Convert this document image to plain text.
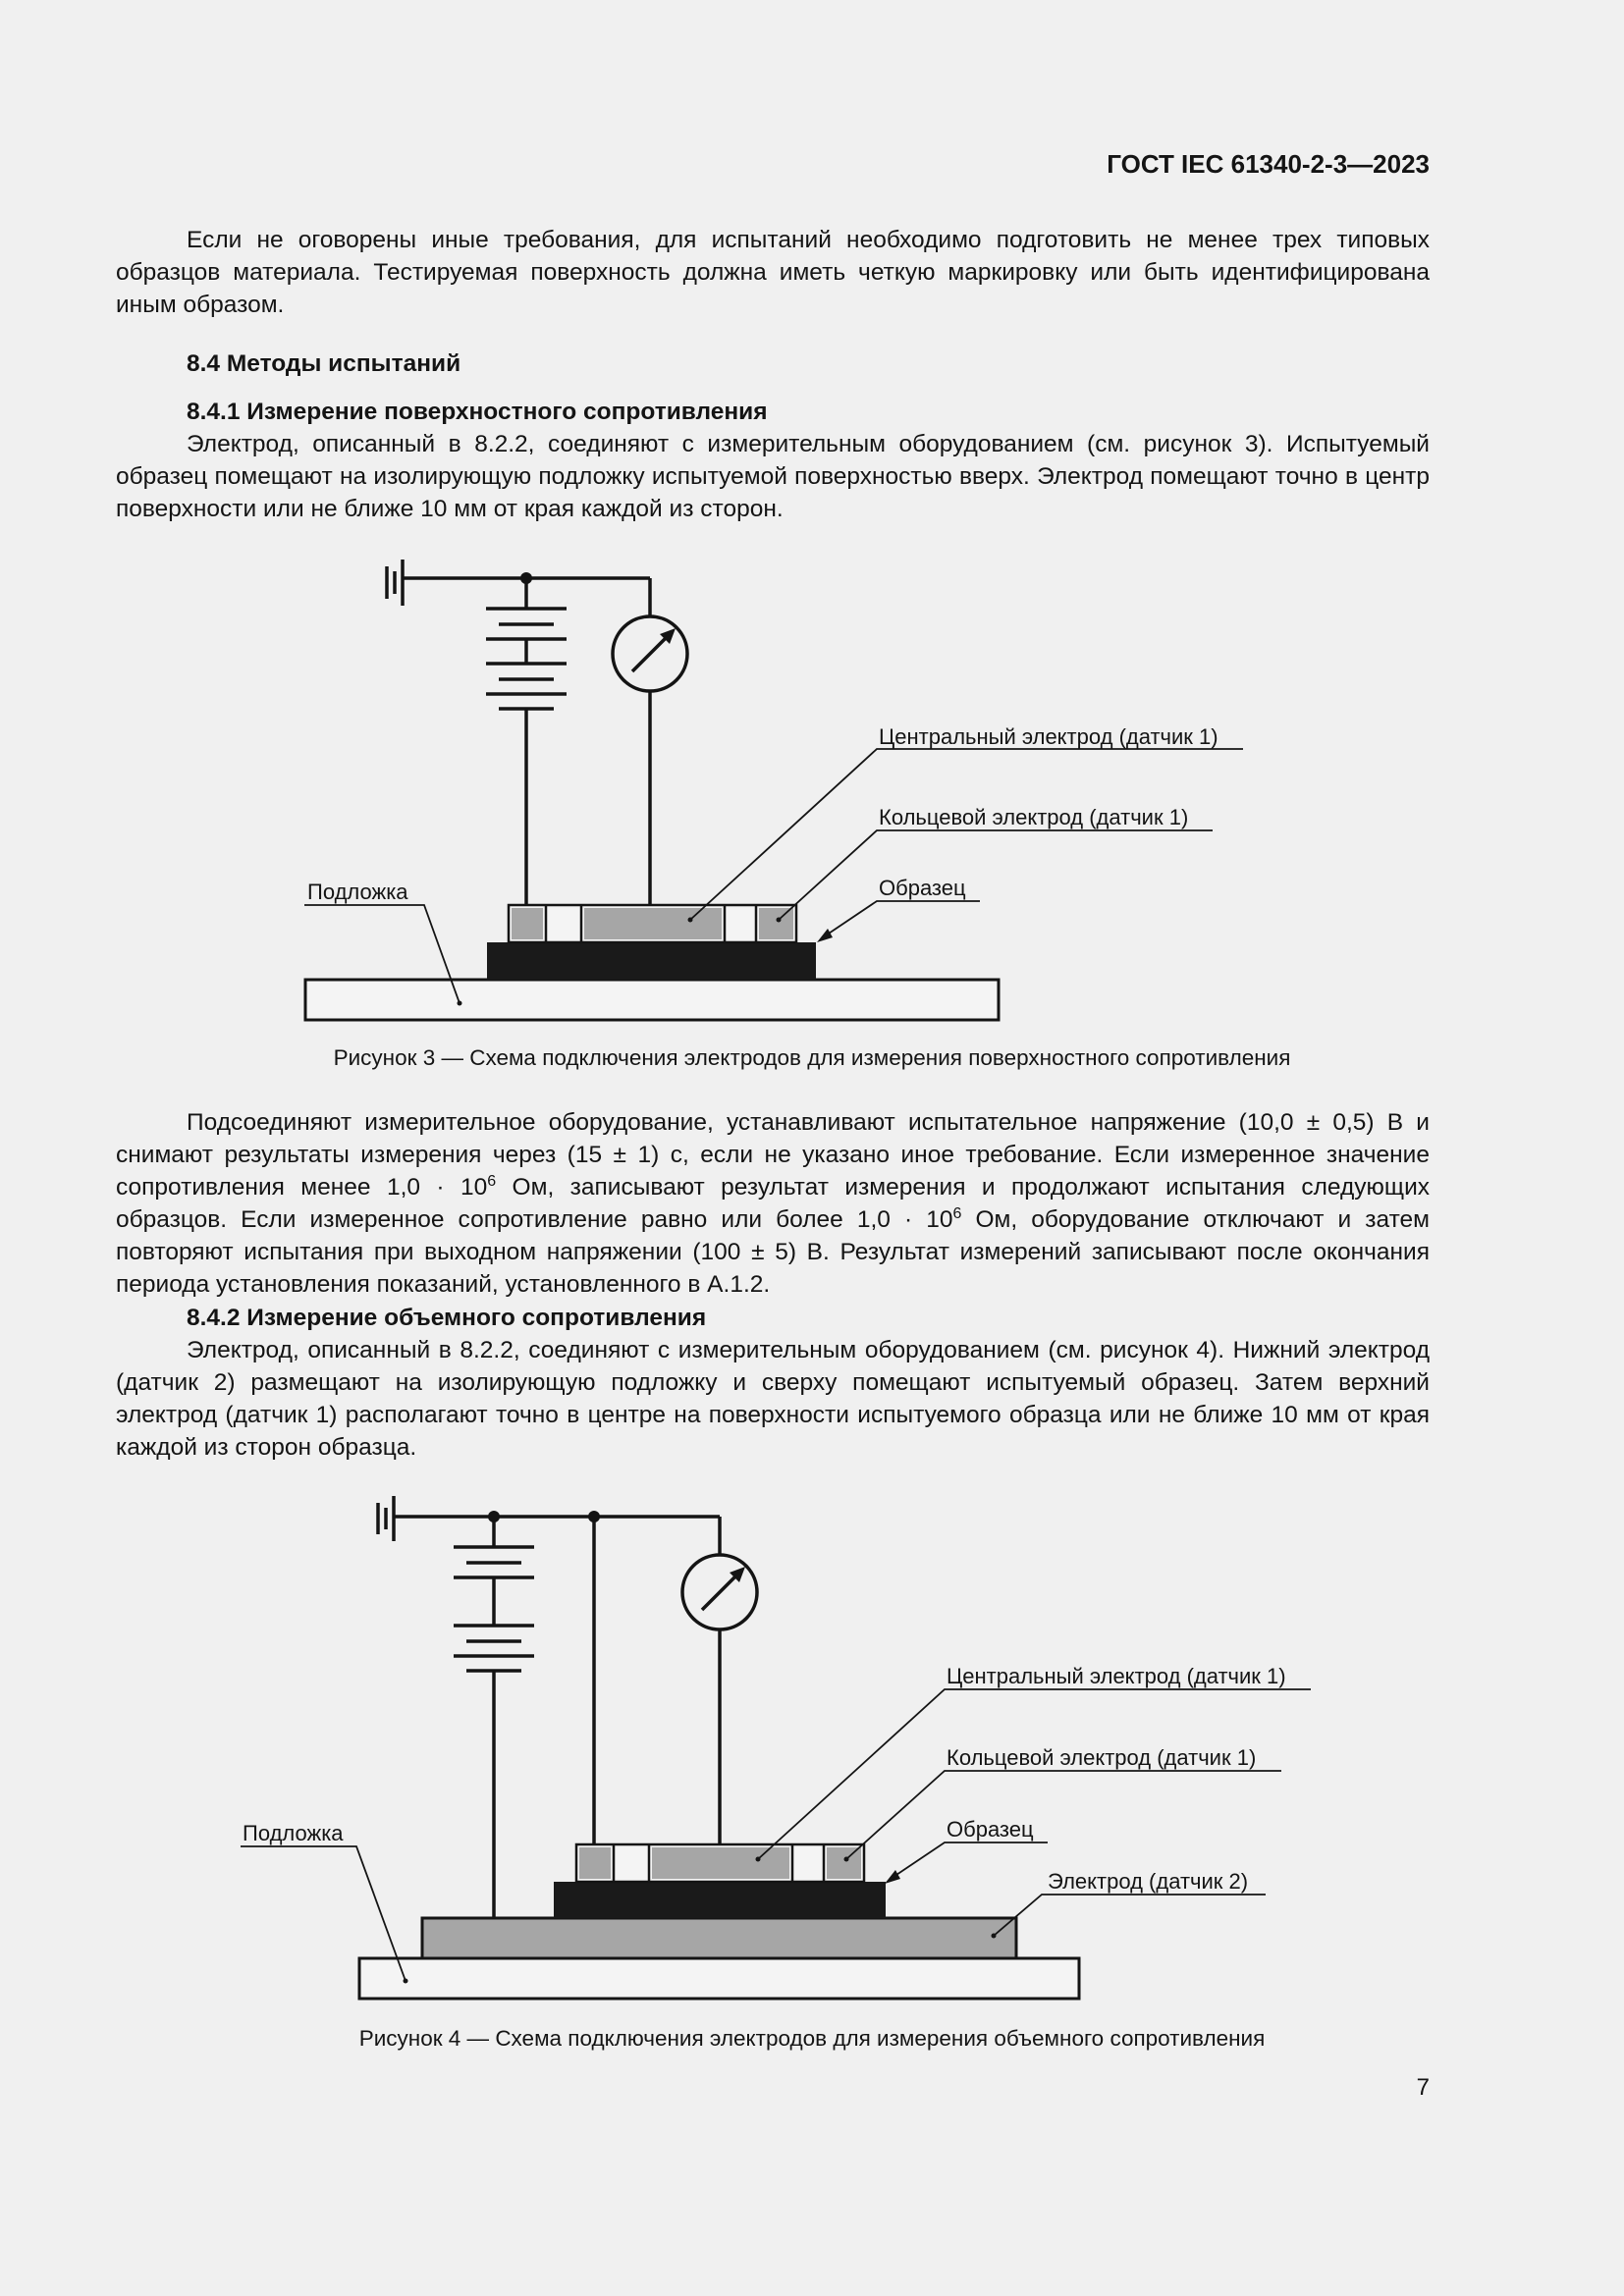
ГОСТ IEC 61340-2-3—2023

Если не оговорены иные требования, для испытаний необходимо подготовить не менее трех типовых образцов материала. Тестируемая поверхность должна иметь четкую маркировку или быть идентифицирована иным образом.

8.4 Методы испытаний

8.4.1 Измерение поверхностного сопротивления

Электрод, описанный в 8.2.2, соединяют с измерительным оборудованием (см. рисунок 3). Испытуемый образец помещают на изолирующую подложку испытуемой поверхностью вверх. Электрод помещают точно в центр поверхности или не ближе 10 мм от края каждой из сторон.

Центральный электрод (датчик 1)
Кольцевой электрод (датчик 1)
Образец
Подложка
Рисунок 3 — Схема подключения электродов для измерения поверхностного сопротивления

Подсоединяют измерительное оборудование, устанавливают испытательное напряжение (10,0 ± 0,5) В и снимают результаты измерения через (15 ± 1) с, если не указано иное требование. Если измеренное значение сопротивления менее $1,0 \cdot 10^6$ Ом, записывают результат измерения и продолжают испытания следующих образцов. Если измеренное сопротивление равно или более $1,0 \cdot 10^6$ Ом, оборудование отключают и затем повторяют испытания при выходном напряжении (100 ± 5) В. Результат измерений записывают после окончания периода установления показаний, установленного в А.1.2.

8.4.2 Измерение объемного сопротивления

Электрод, описанный в 8.2.2, соединяют с измерительным оборудованием (см. рисунок 4). Нижний электрод (датчик 2) размещают на изолирующую подложку и сверху помещают испытуемый образец. Затем верхний электрод (датчик 1) располагают точно в центре на поверхности испытуемого образца или не ближе 10 мм от края каждой из сторон образца.

Центральный электрод (датчик 1)
Кольцевой электрод (датчик 1)
Образец
Электрод (датчик 2)
Подложка
Рисунок 4 — Схема подключения электродов для измерения объемного сопротивления
7
